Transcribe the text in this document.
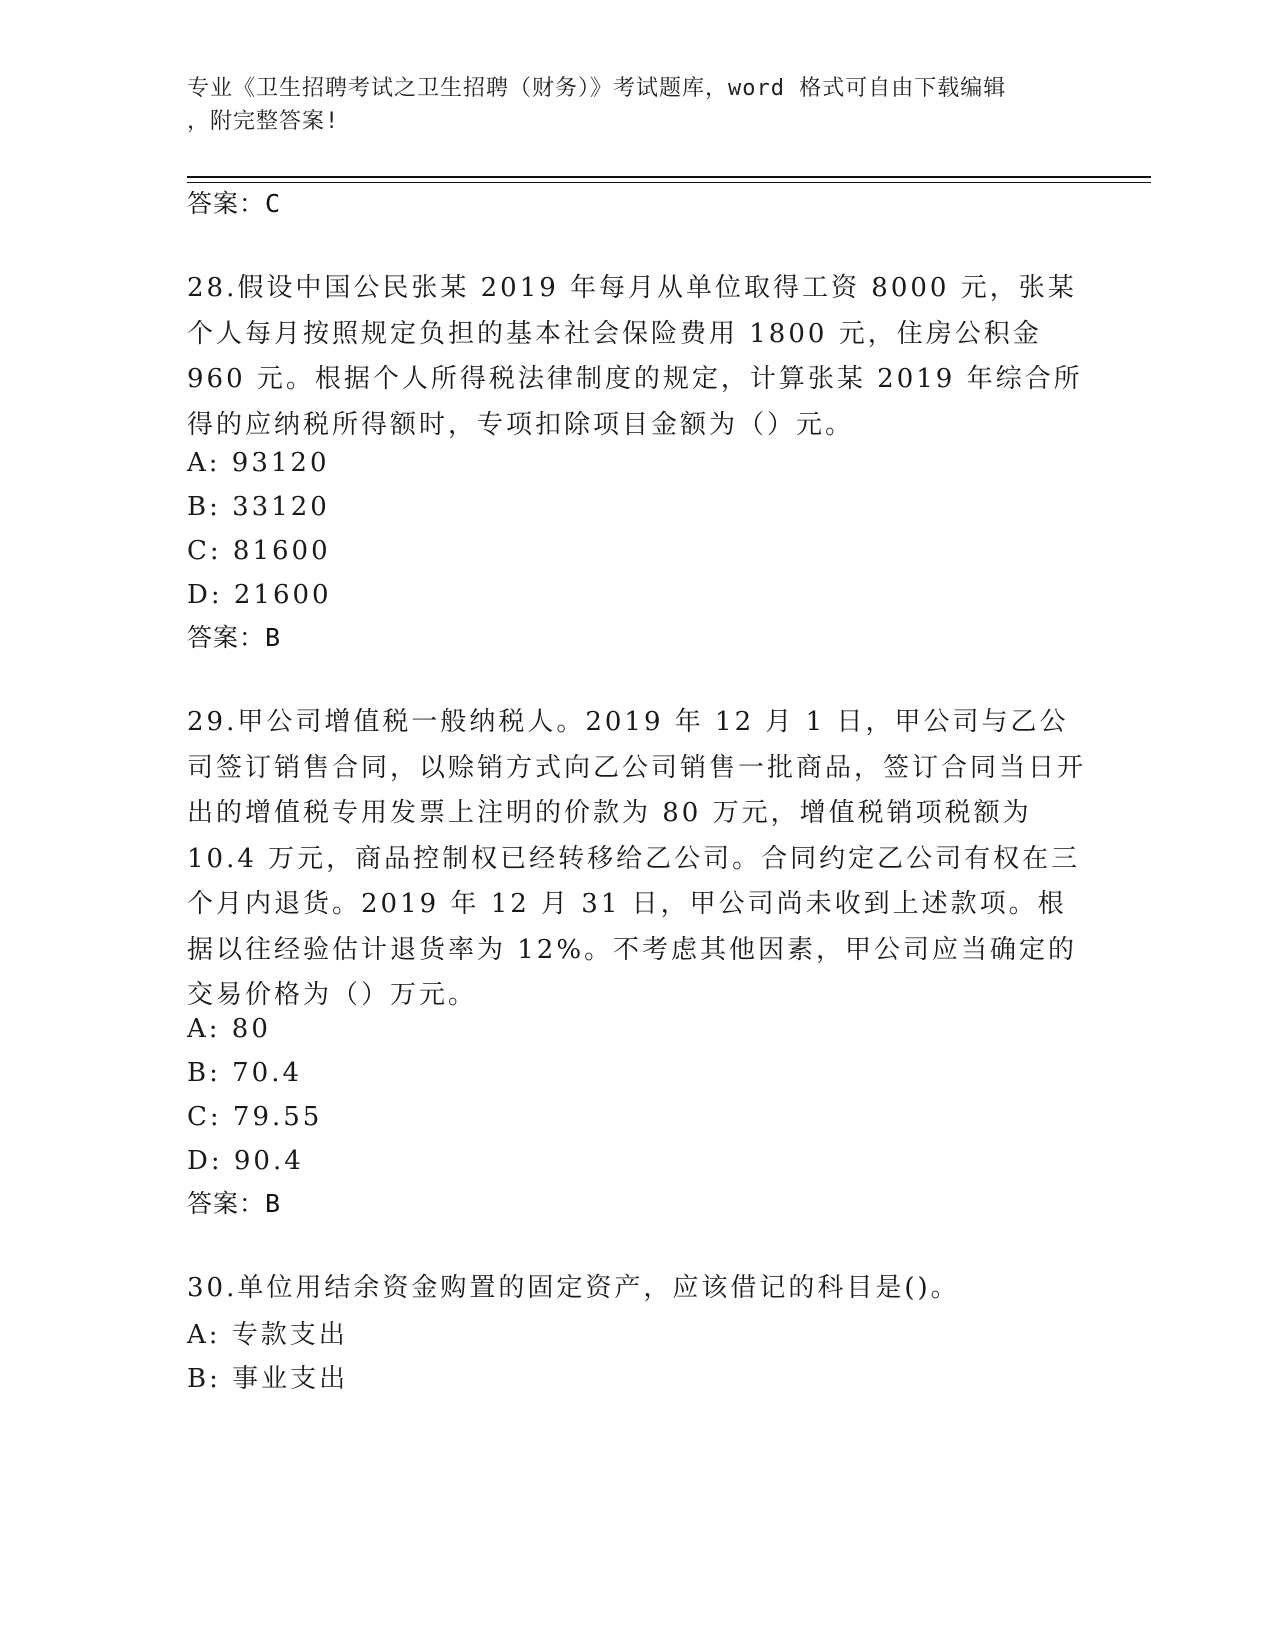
专业《卫生招聘考试之卫生招聘（财务）》考试题库，word 格式可自由下载编辑
，附完整答案!
答案：C
28.假设中国公民张某 2019 年每月从单位取得工资 8000 元，张某个人每月按照规定负担的基本社会保险费用 1800 元，住房公积金 960 元。根据个人所得税法律制度的规定，计算张某 2019 年综合所得的应纳税所得额时，专项扣除项目金额为（）元。
A: 93120
B: 33120
C: 81600
D: 21600
答案：B
29.甲公司增值税一般纳税人。2019 年 12 月 1 日，甲公司与乙公司签订销售合同，以赊销方式向乙公司销售一批商品，签订合同当日开出的增值税专用发票上注明的价款为 80 万元，增值税销项税额为 10.4 万元，商品控制权已经转移给乙公司。合同约定乙公司有权在三个月内退货。2019 年 12 月 31 日，甲公司尚未收到上述款项。根据以往经验估计退货率为 12%。不考虑其他因素，甲公司应当确定的交易价格为（）万元。
A: 80
B: 70.4
C: 79.55
D: 90.4
答案：B
30.单位用结余资金购置的固定资产，应该借记的科目是()。
A: 专款支出
B: 事业支出
